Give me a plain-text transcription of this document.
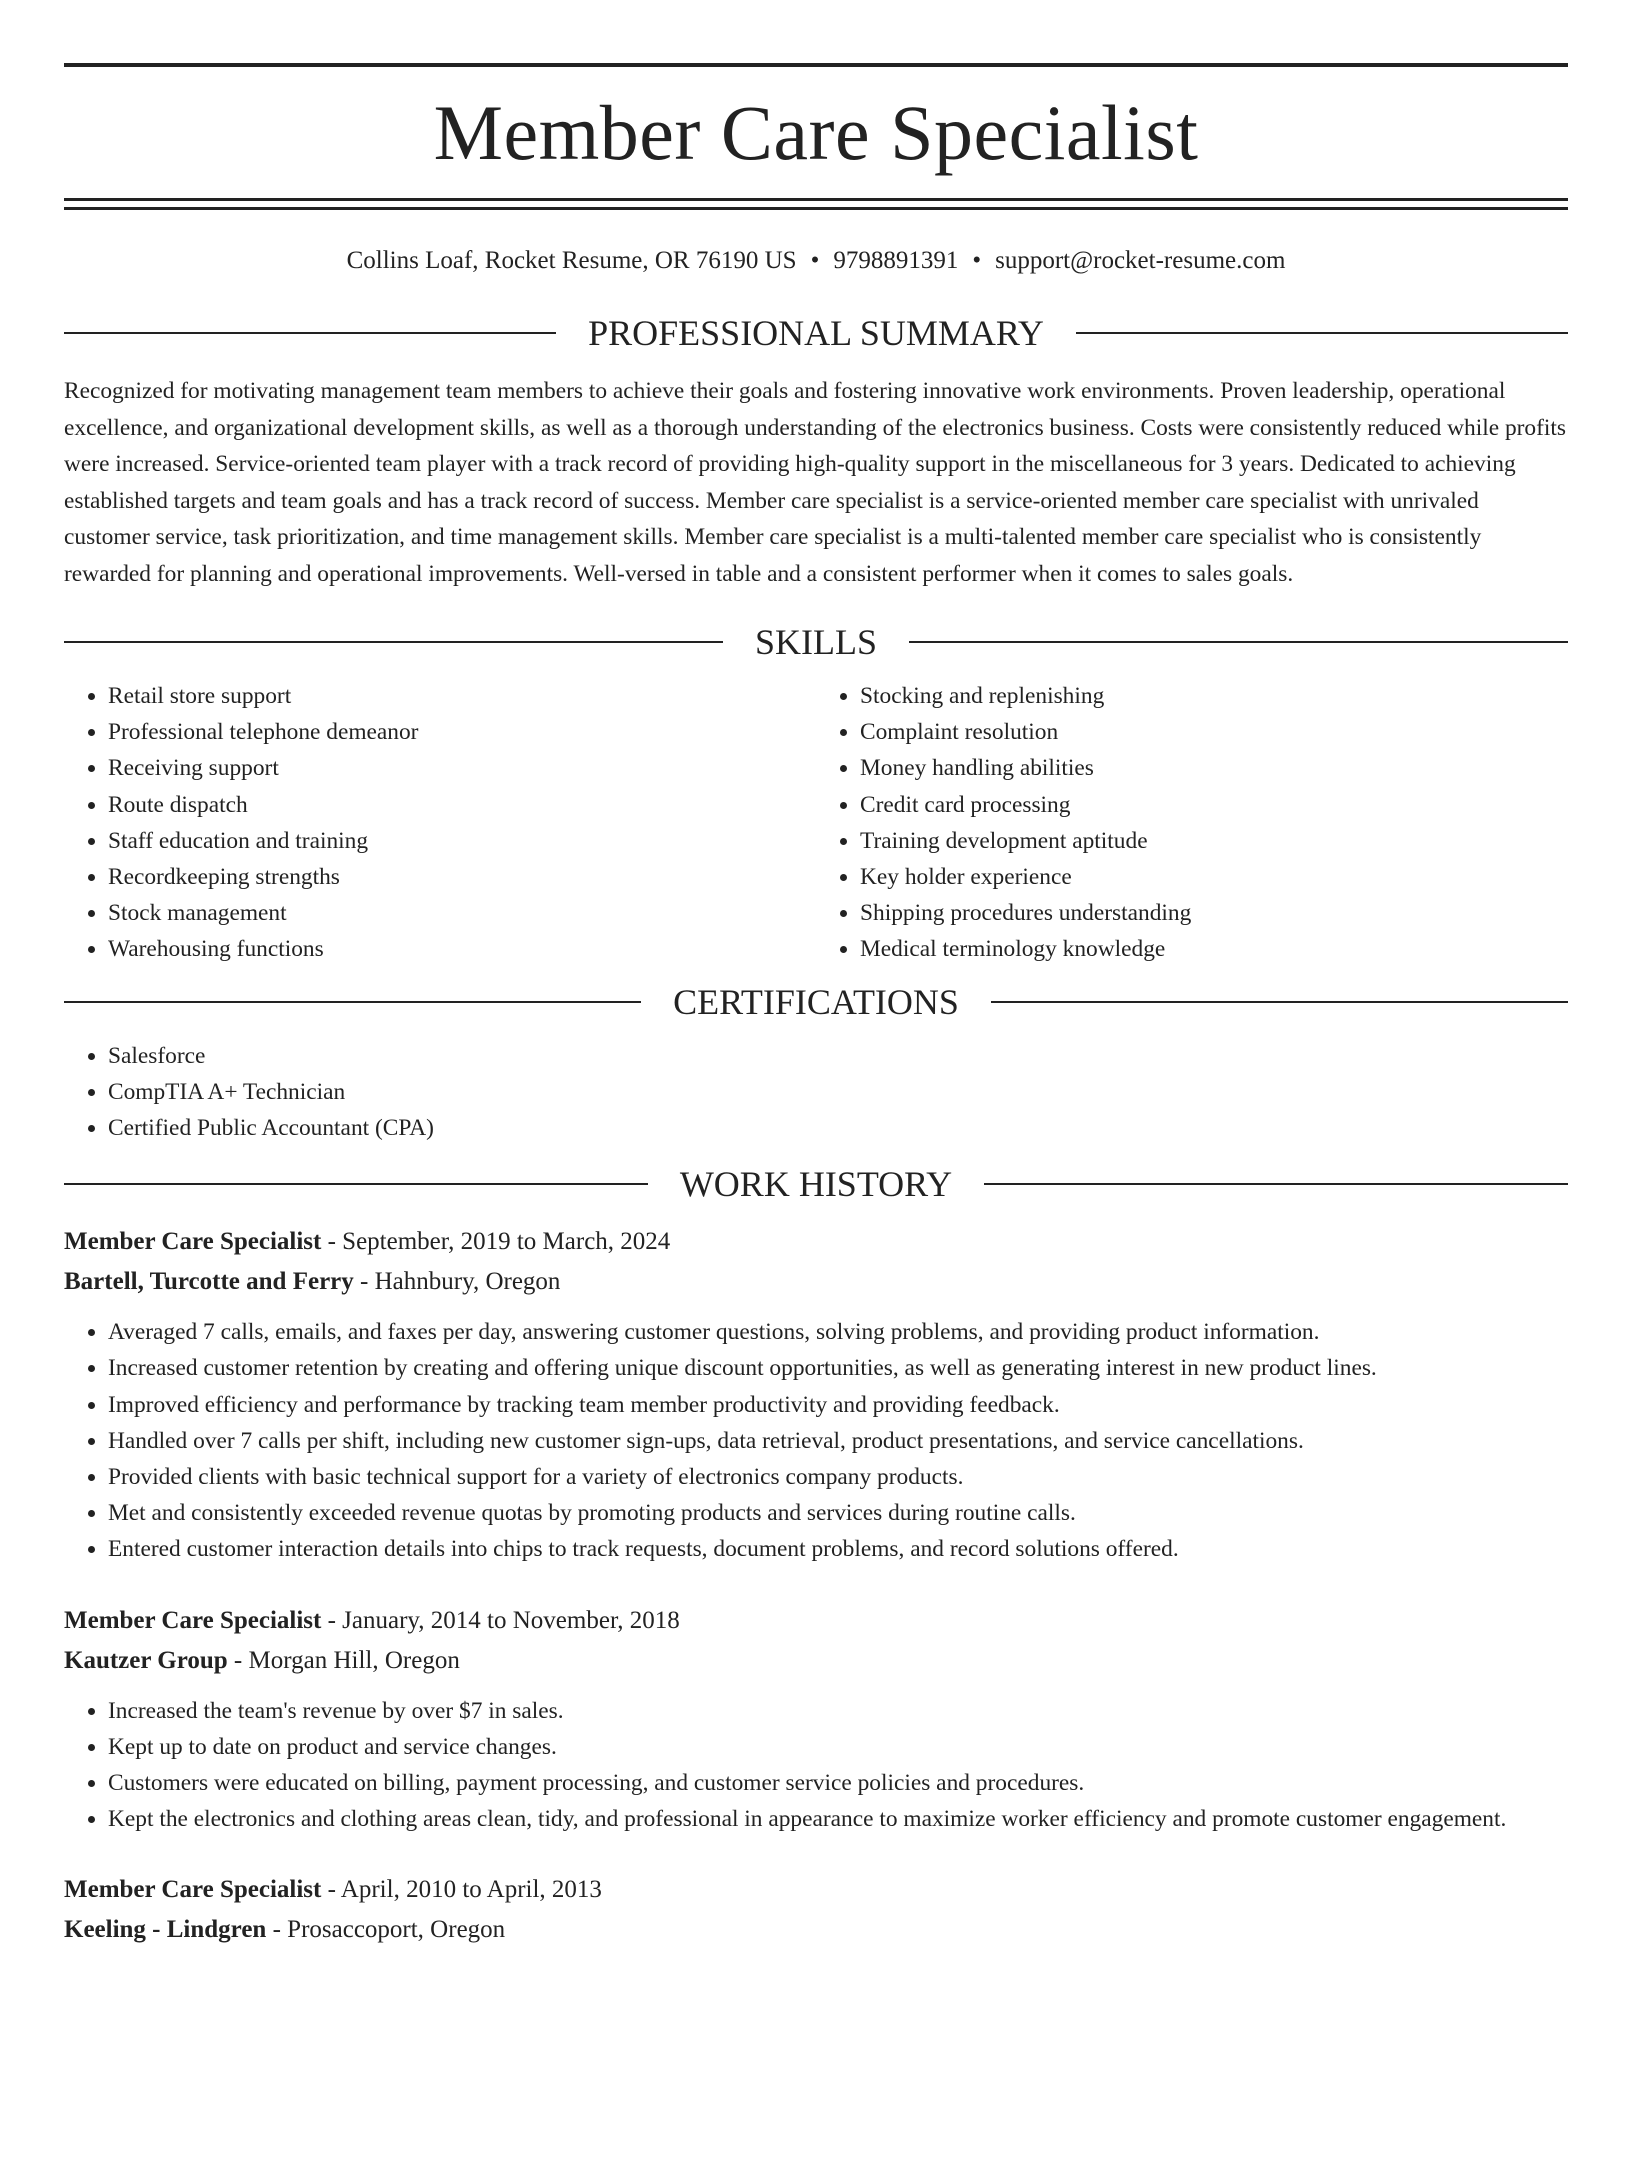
Member Care Specialist
Collins Loaf, Rocket Resume, OR 76190 US • 9798891391 • support@rocket-resume.com
PROFESSIONAL SUMMARY
Recognized for motivating management team members to achieve their goals and fostering innovative work environments. Proven leadership, operational excellence, and organizational development skills, as well as a thorough understanding of the electronics business. Costs were consistently reduced while profits were increased. Service-oriented team player with a track record of providing high-quality support in the miscellaneous for 3 years. Dedicated to achieving established targets and team goals and has a track record of success. Member care specialist is a service-oriented member care specialist with unrivaled customer service, task prioritization, and time management skills. Member care specialist is a multi-talented member care specialist who is consistently rewarded for planning and operational improvements. Well-versed in table and a consistent performer when it comes to sales goals.
SKILLS
• Retail store support
• Professional telephone demeanor
• Receiving support
• Route dispatch
• Staff education and training
• Recordkeeping strengths
• Stock management
• Warehousing functions
• Stocking and replenishing
• Complaint resolution
• Money handling abilities
• Credit card processing
• Training development aptitude
• Key holder experience
• Shipping procedures understanding
• Medical terminology knowledge
CERTIFICATIONS
• Salesforce
• CompTIA A+ Technician
• Certified Public Accountant (CPA)
WORK HISTORY
Member Care Specialist - September, 2019 to March, 2024
Bartell, Turcotte and Ferry - Hahnbury, Oregon
• Averaged 7 calls, emails, and faxes per day, answering customer questions, solving problems, and providing product information.
• Increased customer retention by creating and offering unique discount opportunities, as well as generating interest in new product lines.
• Improved efficiency and performance by tracking team member productivity and providing feedback.
• Handled over 7 calls per shift, including new customer sign-ups, data retrieval, product presentations, and service cancellations.
• Provided clients with basic technical support for a variety of electronics company products.
• Met and consistently exceeded revenue quotas by promoting products and services during routine calls.
• Entered customer interaction details into chips to track requests, document problems, and record solutions offered.
Member Care Specialist - January, 2014 to November, 2018
Kautzer Group - Morgan Hill, Oregon
• Increased the team's revenue by over $7 in sales.
• Kept up to date on product and service changes.
• Customers were educated on billing, payment processing, and customer service policies and procedures.
• Kept the electronics and clothing areas clean, tidy, and professional in appearance to maximize worker efficiency and promote customer engagement.
Member Care Specialist - April, 2010 to April, 2013
Keeling - Lindgren - Prosaccoport, Oregon
